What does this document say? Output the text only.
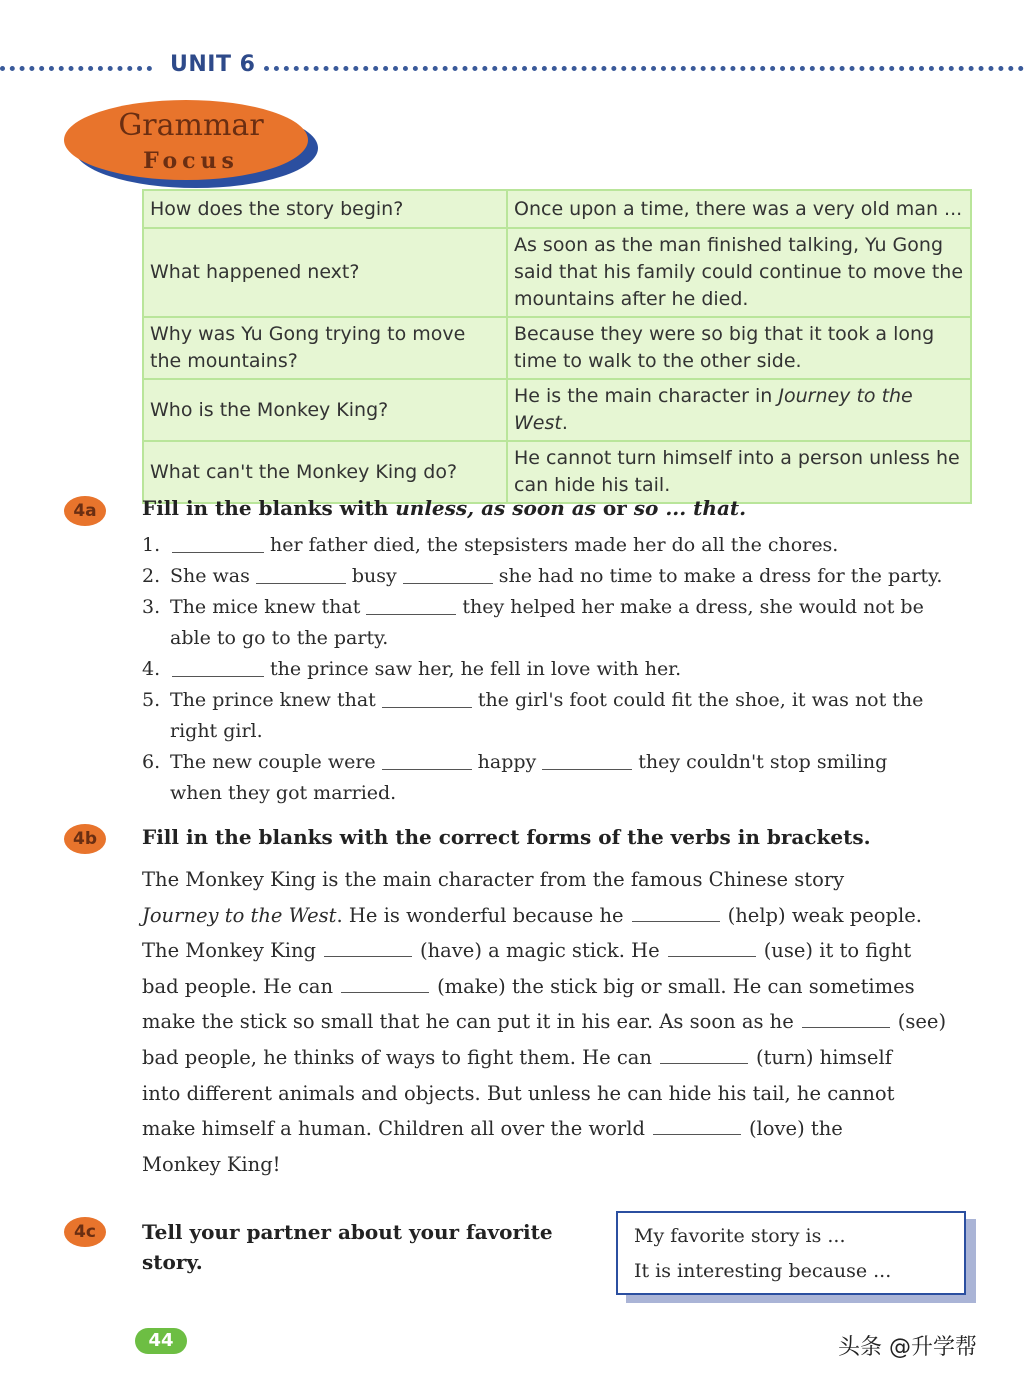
UNIT 6
Grammar
Focus
How does the story begin?	Once upon a time, there was a very old man ...
What happened next?	As soon as the man finished talking, Yu Gong said that his family could continue to move the mountains after he died.
Why was Yu Gong trying to move the mountains?	Because they were so big that it took a long time to walk to the other side.
Who is the Monkey King?	He is the main character in Journey to the West.
What can't the Monkey King do?	He cannot turn himself into a person unless he can hide his tail.
4a	Fill in the blanks with unless, as soon as or so ... that.
1.	her father died, the stepsisters made her do all the chores.
2. She was	busy	she had no time to make a dress for the party.
3. The mice knew that	they helped her make a dress, she would not be
able to go to the party.
4.	the prince saw her, he fell in love with her.
5. The prince knew that	the girl's foot could fit the shoe, it was not the
right girl.
6. The new couple were	happy	they couldn't stop smiling
when they got married.
4b	Fill in the blanks with the correct forms of the verbs in brackets.
The Monkey King is the main character from the famous Chinese story
Journey to the West. He is wonderful because he	(help) weak people.
The Monkey King	(have) a magic stick. He	(use) it to fight
bad people. He can	(make) the stick big or small. He can sometimes
make the stick so small that he can put it in his ear. As soon as he	(see)
bad people, he thinks of ways to fight them. He can	(turn) himself
into different animals and objects. But unless he can hide his tail, he cannot
make himself a human. Children all over the world	(love) the
Monkey King!
4c	Tell your partner about your favorite
story.
My favorite story is ...
It is interesting because ...
44	头条 @升学帮
